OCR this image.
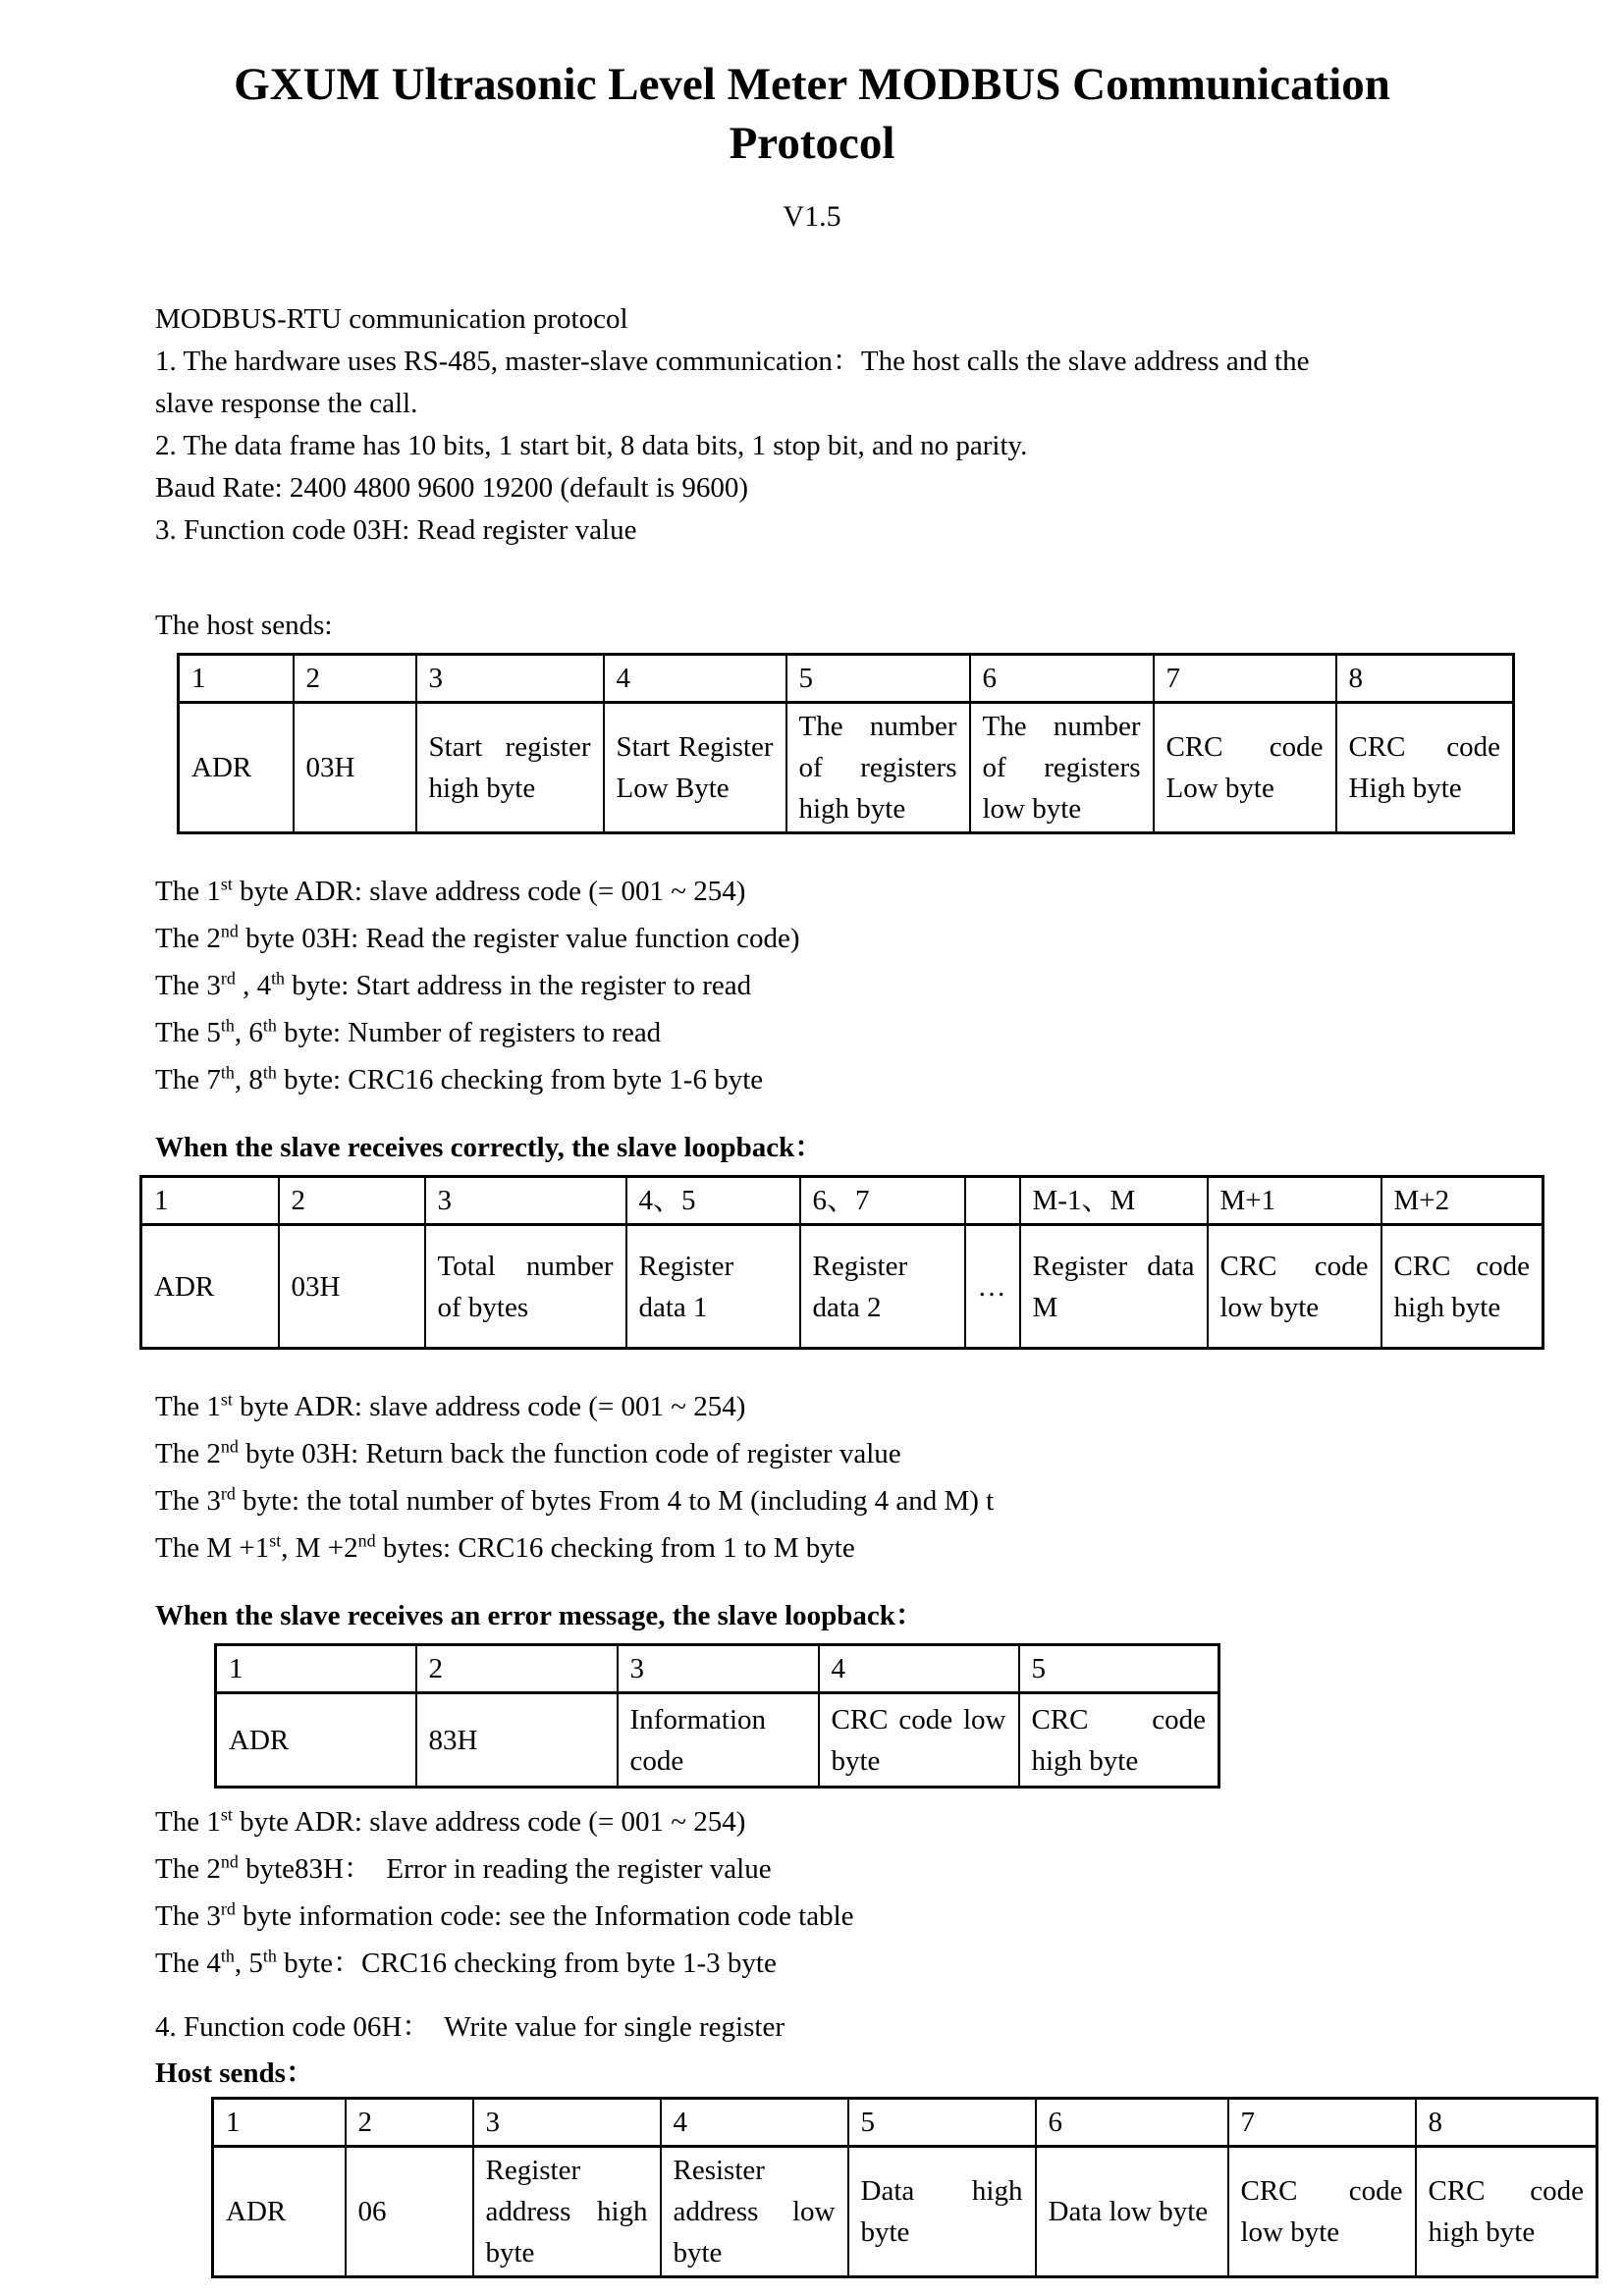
GXUM Ultrasonic Level Meter MODBUS Communication Protocol
V1.5
MODBUS-RTU communication protocol
1. The hardware uses RS-485, master-slave communication：The host calls the slave address and the
slave response the call.
2. The data frame has 10 bits, 1 start bit, 8 data bits, 1 stop bit, and no parity.
Baud Rate: 2400 4800 9600 19200 (default is 9600)
3. Function code 03H: Read register value
The host sends:
1	2	3	4	5	6	7	8
ADR	03H	Start register high byte	Start Register Low Byte	The number of registers high byte	The number of registers low byte	CRC code Low byte	CRC code High byte
The 1st byte ADR: slave address code (= 001 ~ 254)
The 2nd byte 03H: Read the register value function code)
The 3rd , 4th byte: Start address in the register to read
The 5th, 6th byte: Number of registers to read
The 7th, 8th byte: CRC16 checking from byte 1-6 byte
When the slave receives correctly, the slave loopback：
1	2	3	4、5	6、7		M-1、M	M+1	M+2
ADR	03H	Total number of bytes	Register data 1	Register data 2	…	Register data M	CRC code low byte	CRC code high byte
The 1st byte ADR: slave address code (= 001 ~ 254)
The 2nd byte 03H: Return back the function code of register value
The 3rd byte: the total number of bytes From 4 to M (including 4 and M) t
The M +1st, M +2nd bytes: CRC16 checking from 1 to M byte
When the slave receives an error message, the slave loopback：
1	2	3	4	5
ADR	83H	Information code	CRC code low byte	CRC code high byte
The 1st byte ADR: slave address code (= 001 ~ 254)
The 2nd byte83H：  Error in reading the register value
The 3rd byte information code: see the Information code table
The 4th, 5th byte：CRC16 checking from byte 1-3 byte
4. Function code 06H：  Write value for single register
Host sends：
1	2	3	4	5	6	7	8
ADR	06	Register address high byte	Resister address low byte	Data high byte	Data low byte	CRC code low byte	CRC code high byte
